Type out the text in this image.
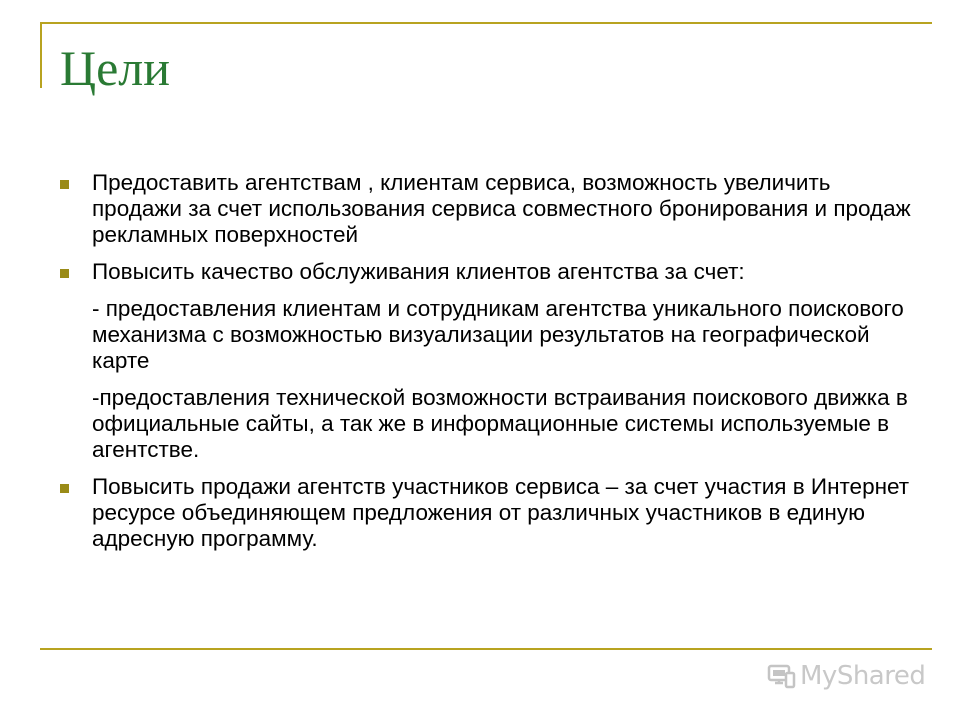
Цели
Предоставить агентствам , клиентам сервиса, возможность увеличить продажи за счет использования сервиса совместного бронирования и продаж рекламных поверхностей
Повысить качество обслуживания клиентов агентства за счет:
- предоставления клиентам и сотрудникам агентства уникального поискового механизма с возможностью визуализации результатов на географической карте
-предоставления технической возможности встраивания поискового движка в официальные сайты, а так же в информационные системы используемые в агентстве.
Повысить продажи агентств участников сервиса – за счет участия в Интернет ресурсе объединяющем предложения от различных участников в единую адресную программу.
MyShared
